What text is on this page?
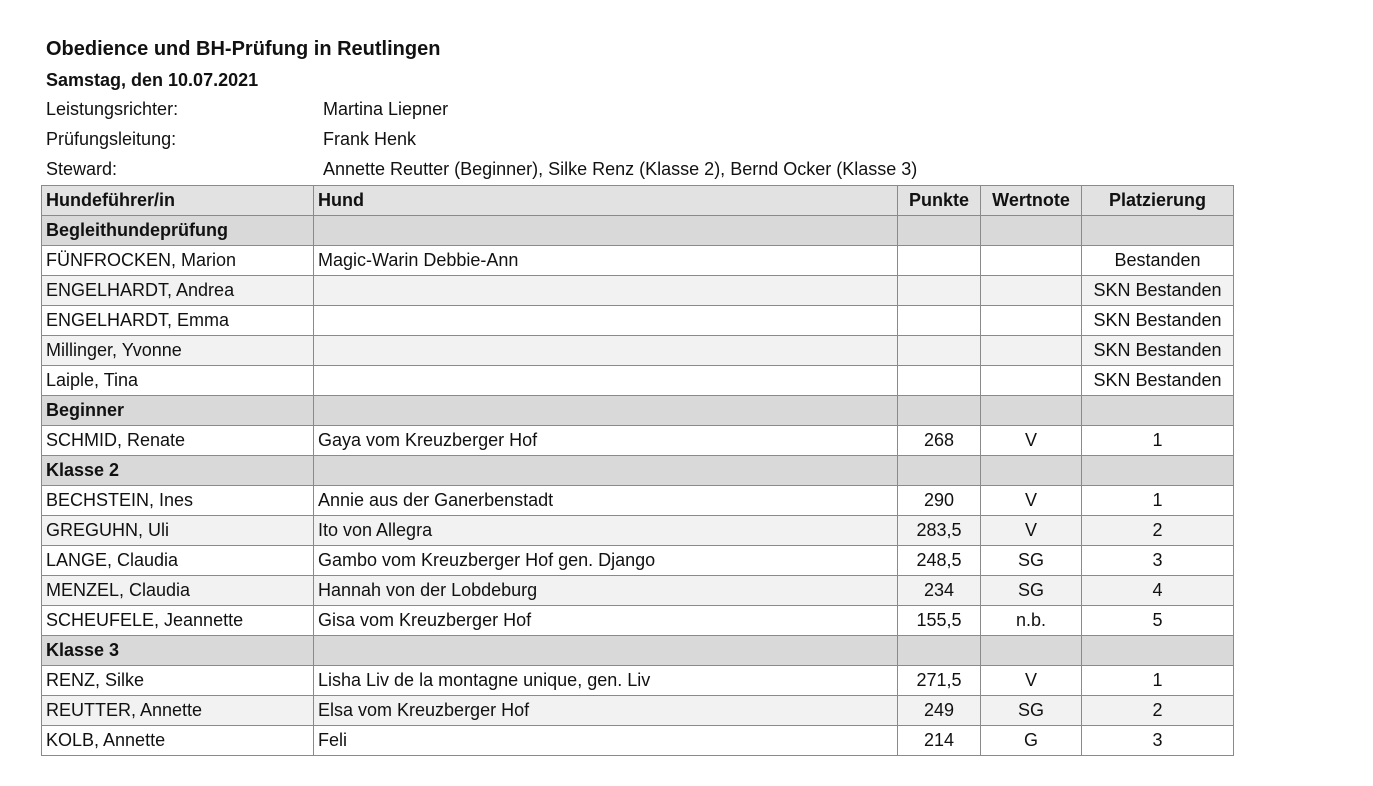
Obedience und BH-Prüfung in Reutlingen
Samstag, den 10.07.2021
Leistungsrichter:	Martina Liepner
Prüfungsleitung:	Frank Henk
Steward:	Annette Reutter (Beginner), Silke Renz (Klasse 2), Bernd Ocker (Klasse 3)
Hundeführer/in	Hund	Punkte	Wertnote	Platzierung
Begleithundeprüfung				
FÜNFROCKEN, Marion	Magic-Warin Debbie-Ann			Bestanden
ENGELHARDT, Andrea				SKN Bestanden
ENGELHARDT, Emma				SKN Bestanden
Millinger, Yvonne				SKN Bestanden
Laiple, Tina				SKN Bestanden
Beginner				
SCHMID, Renate	Gaya vom Kreuzberger Hof	268	V	1
Klasse 2				
BECHSTEIN, Ines	Annie aus der Ganerbenstadt	290	V	1
GREGUHN, Uli	Ito von Allegra	283,5	V	2
LANGE, Claudia	Gambo vom Kreuzberger Hof gen. Django	248,5	SG	3
MENZEL, Claudia	Hannah von der Lobdeburg	234	SG	4
SCHEUFELE, Jeannette	Gisa vom Kreuzberger Hof	155,5	n.b.	5
Klasse 3				
RENZ, Silke	Lisha Liv de la montagne unique, gen. Liv	271,5	V	1
REUTTER, Annette	Elsa vom Kreuzberger Hof	249	SG	2
KOLB, Annette	Feli	214	G	3
